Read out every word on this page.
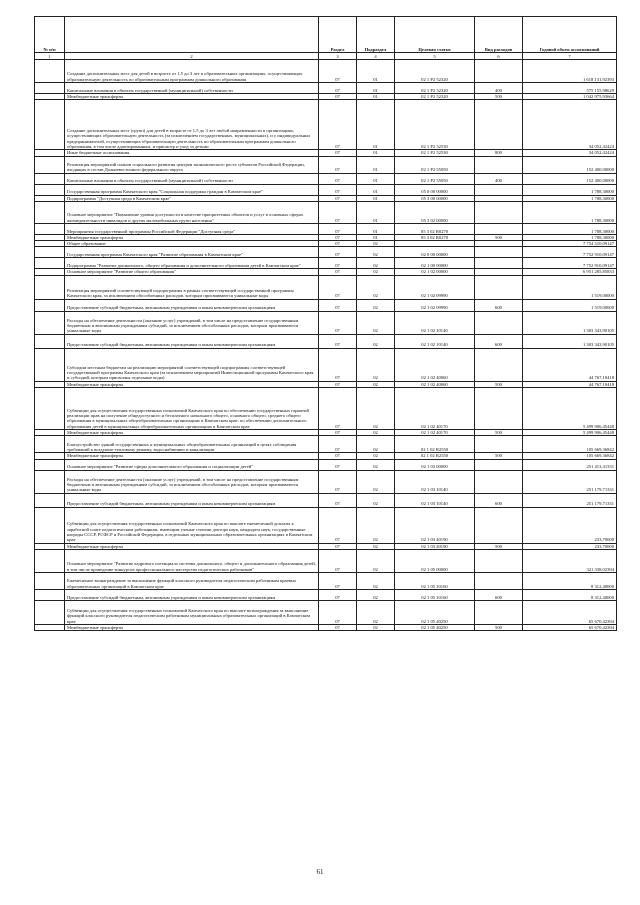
№ п/п		Раздел	Подраздел	Целевая статья	Вид расходов	Годовой объем ассигнований
1	2	3	4	5	6	7
	Создание дополнительных мест для детей в возрасте от 1,5 до 3 лет в образовательных организациях, осуществляющих образовательную деятельность по образовательным программам дошкольного образования	07	01	02 1 P2 52320		1 618 131,92393
	Капитальные вложения в объекты государственной (муниципальной) собственности	07	01	02 1 P2 52320	400	575 155,98629
	Межбюджетные трансферты	07	01	02 1 P2 52320	500	1 042 975,93664
	Создание дополнительных мест (групп) для детей в возрасте от 1,5 до 3 лет любой направленности в организациях, осуществляющих образовательную деятельность (за исключением государственных, муниципальных), и у индивидуальных предпринимателей, осуществляющих образовательную деятельность по образовательным программам дошкольного образования, в том числе адаптированным, и присмотр и уход за детьми	07	01	02 1 P2 52530		34 052,42424
	Иные бюджетные ассигнования	07	01	02 1 P2 52530	800	34 052,42424
	Реализация мероприятий планов социального развития центров экономического роста субъектов Российской Федерации, входящих в состав Дальневосточного федерального округа	07	01	02 1 P2 55050		152 400,00000
	Капитальные вложения в объекты государственной (муниципальной) собственности	07	01	02 1 P2 55050	400	152 400,00000
	Государственная программа Камчатского края "Социальная поддержка граждан в Камчатском крае"	07	01	05 0 00 00000		1 788,30000
	Подпрограмма "Доступная среда в Камчатском крае"	07	01	05 3 00 00000		1 788,30000
	Основное мероприятие "Повышение уровня доступности в качестве приоритетных объектов и услуг в основных сферах жизнедеятельности инвалидов и других маломобильных групп населения"	07	01	05 3 02 00000		1 788,30000
	Мероприятия государственной программы Российской Федерации "Доступная среда"	07	01	05 3 02 R0270		1 788,30000
	Межбюджетные трансферты	07	01	05 3 02 R0270	500	1 788,30000
	Общее образование	07	02			7 754 510,09147
	Государственная программа Камчатского края "Развитие образования в Камчатском крае"	07	02	02 0 00 00000		7 752 910,09147
	Подпрограмма "Развитие дошкольного, общего образования и дополнительного образования детей в Камчатском крае"	07	02	02 1 00 00000		7 752 910,09147
	Основное мероприятие "Развитие общего образования"	07	02	02 1 02 00000		6 951 285,85833
	Реализация мероприятий соответствующей подпрограммы в рамках соответствующей государственной программы Камчатского края, за исключением обособленных расходов, которым присваиваются уникальные коды	07	02	02 1 02 09990		1 519,00000
	Предоставление субсидий бюджетным, автономным учреждениям и иным некоммерческим организациям	07	02	02 1 02 09990	600	1 519,00000
	Расходы на обеспечение деятельности (оказание услуг) учреждений, в том числе на предоставление государственным бюджетным и автономным учреждениям субсидий, за исключением обособленных расходов, которым присваиваются уникальные коды	07	02	02 1 02 10140		1 303 343,90105
	Предоставление субсидий бюджетным, автономным учреждениям и иным некоммерческим организациям	07	02	02 1 02 10140	600	1 303 343,90105
	Субсидии местным бюджетам на реализацию мероприятий соответствующей подпрограммы соответствующей государственной программы Камчатского края (за исключением мероприятий Инвестиционной программы Камчатского края и субсидий, которым присвоены отдельные коды)	07	02	02 1 02 40060		44 767,10418
	Межбюджетные трансферты	07	02	02 1 02 40060	500	44 767,10418
	Субвенции для осуществления государственных полномочий Камчатского края по обеспечению государственных гарантий реализации прав на получение общедоступного и бесплатного начального общего, основного общего, среднего общего образования в муниципальных общеобразовательных организациях в Камчатском крае, по обеспечению дополнительного образования детей в муниципальных общеобразовательных организациях в Камчатском крае	07	02	02 1 02 40170		5 499 906,45448
	Межбюджетные трансферты	07	02	02 1 02 40170	500	5 499 906,45448
	Благоустройство зданий государственных и муниципальных общеобразовательных организаций в целях соблюдения требований к воздушно-тепловому режиму, водоснабжению и канализации	07	02	02 1 02 R2550		105 669,36842
	Межбюджетные трансферты	07	02	02 1 02 R2550	500	105 669,36842
	Основное мероприятие "Развитие сферы дополнительного образования и социализации детей"	07	02	02 1 03 00000		251 413,41331
	Расходы на обеспечение деятельности (оказание услуг) учреждений, в том числе на предоставление государственным бюджетным и автономным учреждениям субсидий, за исключением обособленных расходов, которым присваиваются уникальные коды	07	02	02 1 03 10140		251 179,71331
	Предоставление субсидий бюджетным, автономным учреждениям и иным некоммерческим организациям	07	02	02 1 03 10140	600	251 179,71331
	Субвенции для осуществления государственных полномочий Камчатского края по выплате ежемесячной доплаты к заработной плате педагогическим работникам, имеющим ученые степени доктора наук, кандидата наук, государственные награды СССР, РСФСР и Российской Федерации, в отдельных муниципальных образовательных организациях в Камчатском крае	07	02	02 1 03 40190		233,70000
	Межбюджетные трансферты	07	02	02 1 03 40190	500	233,70000
	Основное мероприятие "Развитие кадрового потенциала системы дошкольного, общего и дополнительного образования детей, в том числе проведение конкурсов профессионального мастерства педагогических работников"	07	02	02 1 05 00000		321 338,02394
	Ежемесячное вознаграждение за выполнение функций классного руководителя педагогическим работникам краевых образовательных организаций в Камчатском крае	07	02	02 1 05 10160		8 312,40000
	Предоставление субсидий бюджетным, автономным учреждениям и иным некоммерческим организациям	07	02	02 1 05 10160	600	8 312,40000
	Субвенции для осуществления государственных полномочий Камчатского края по выплате вознаграждения за выполнение функций классного руководителя педагогическим работникам муниципальных образовательных организаций в Камчатском крае	07	02	02 1 05 40250		65 670,42394
	Межбюджетные трансферты	07	02	02 1 05 40250	500	65 670,42394
61
